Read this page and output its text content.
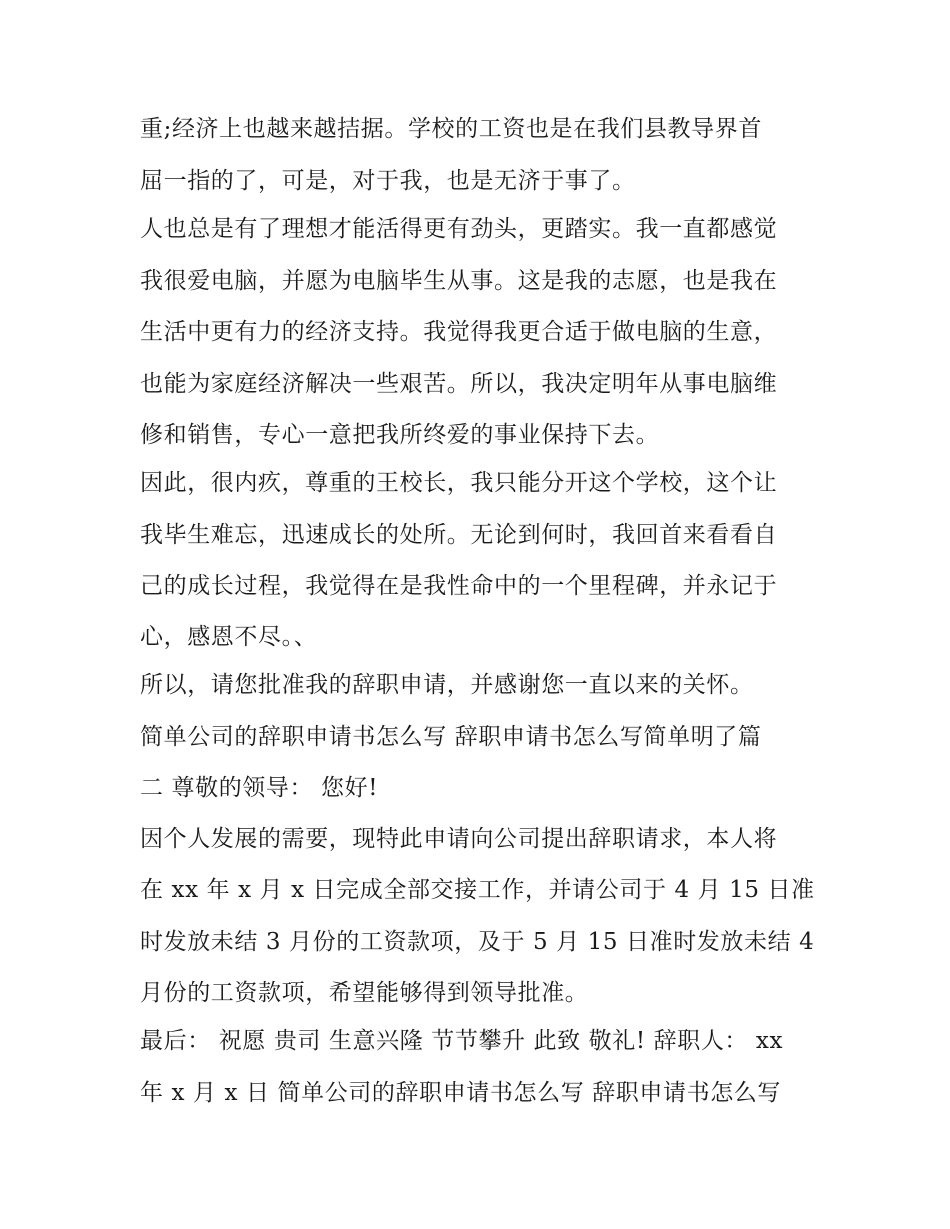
重;经济上也越来越拮据。学校的工资也是在我们县教导界首
屈一指的了，可是，对于我，也是无济于事了。
人也总是有了理想才能活得更有劲头，更踏实。我一直都感觉
我很爱电脑，并愿为电脑毕生从事。这是我的志愿，也是我在
生活中更有力的经济支持。我觉得我更合适于做电脑的生意，
也能为家庭经济解决一些艰苦。所以，我决定明年从事电脑维
修和销售，专心一意把我所终爱的事业保持下去。
因此，很内疚，尊重的王校长，我只能分开这个学校，这个让
我毕生难忘，迅速成长的处所。无论到何时，我回首来看看自
己的成长过程，我觉得在是我性命中的一个里程碑，并永记于
心，感恩不尽。、
所以，请您批准我的辞职申请，并感谢您一直以来的关怀。
简单公司的辞职申请书怎么写 辞职申请书怎么写简单明了篇
二 尊敬的领导： 您好!
因个人发展的需要，现特此申请向公司提出辞职请求，本人将
在 xx 年 x 月 x 日完成全部交接工作，并请公司于 4 月 15 日准
时发放未结 3 月份的工资款项，及于 5 月 15 日准时发放未结 4
月份的工资款项，希望能够得到领导批准。
最后： 祝愿 贵司 生意兴隆 节节攀升 此致 敬礼! 辞职人： xx
年 x 月 x 日 简单公司的辞职申请书怎么写 辞职申请书怎么写
